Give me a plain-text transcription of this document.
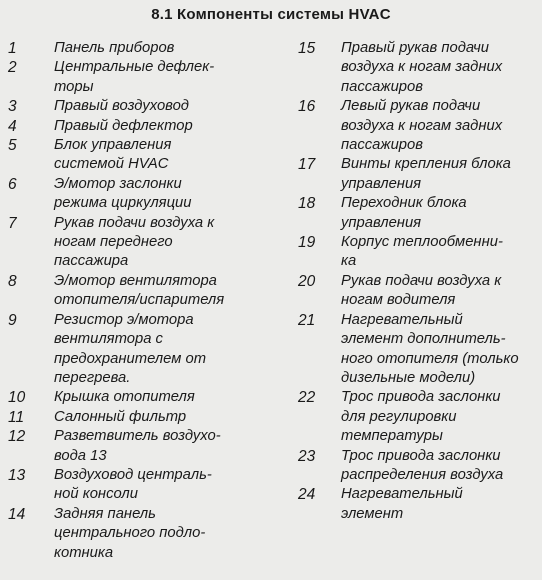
8.1 Компоненты системы HVAC
1	Панель приборов
2	Центральные дефлек-
торы
3	Правый воздуховод
4	Правый дефлектор
5	Блок управления
системой HVAC
6	Э/мотор заслонки
режима циркуляции
7	Рукав подачи воздуха к
ногам переднего
пассажира
8	Э/мотор вентилятора
отопителя/испарителя
9	Резистор э/мотора
вентилятора с
предохранителем от
перегрева.
10 Крышка отопителя
11 Салонный фильтр
12 Разветвитель воздухо-
вода 13
13 Воздуховод централь-
ной консоли
14 Задняя панель
центрального подло-
котника
15 Правый рукав подачи
воздуха к ногам задних
пассажиров
16 Левый рукав подачи
воздуха к ногам задних
пассажиров
17 Винты крепления блока
управления
18 Переходник блока
управления
19 Корпус теплообменни-
ка
20 Рукав подачи воздуха к
ногам водителя
21 Нагревательный
элемент дополнитель-
ного отопителя (только
дизельные модели)
22 Трос привода заслонки
для регулировки
температуры
23 Трос привода заслонки
распределения воздуха
24 Нагревательный
элемент
